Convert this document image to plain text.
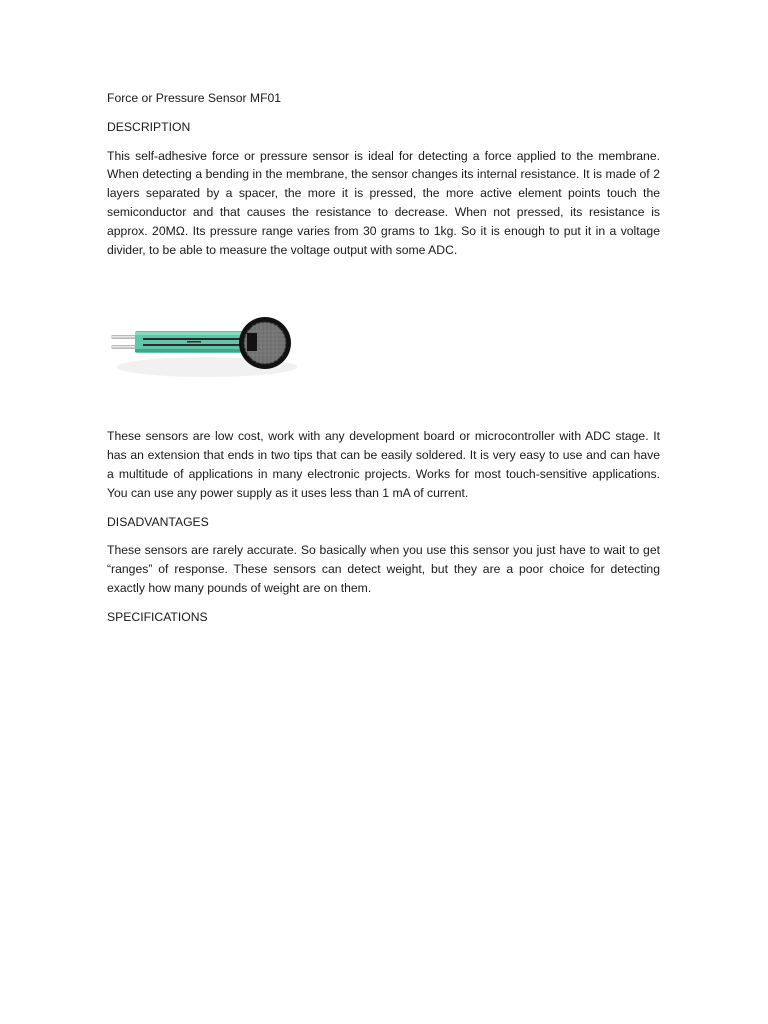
Force or Pressure Sensor MF01
DESCRIPTION

This self-adhesive force or pressure sensor is ideal for detecting a force applied to the membrane. When detecting a bending in the membrane, the sensor changes its internal resistance. It is made of 2 layers separated by a spacer, the more it is pressed, the more active element points touch the semiconductor and that causes the resistance to decrease. When not pressed, its resistance is approx. 20MΩ. Its pressure range varies from 30 grams to 1kg. So it is enough to put it in a voltage divider, to be able to measure the voltage output with some ADC.

These sensors are low cost, work with any development board or microcontroller with ADC stage. It has an extension that ends in two tips that can be easily soldered. It is very easy to use and can have a multitude of applications in many electronic projects. Works for most touch-sensitive applications. You can use any power supply as it uses less than 1 mA of current.

DISADVANTAGES

These sensors are rarely accurate. So basically when you use this sensor you just have to wait to get “ranges” of response. These sensors can detect weight, but they are a poor choice for detecting exactly how many pounds of weight are on them.

SPECIFICATIONS
